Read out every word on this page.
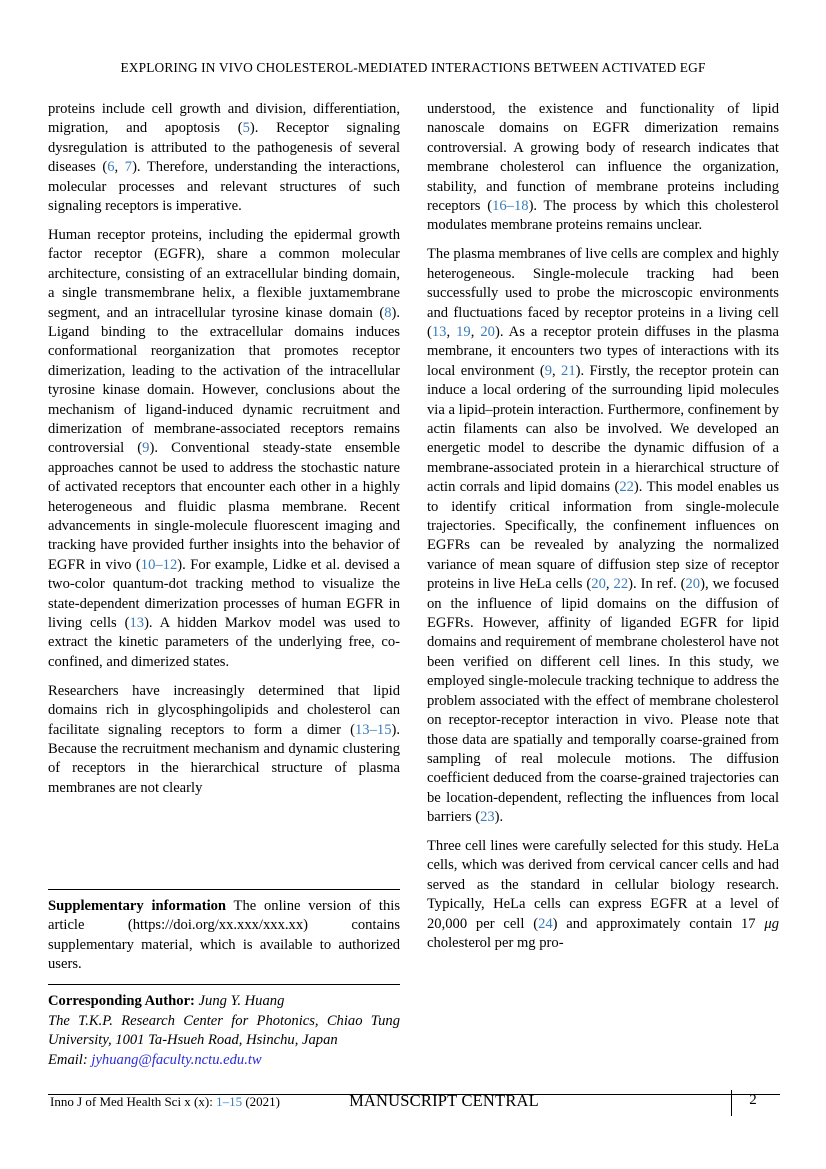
EXPLORING IN VIVO CHOLESTEROL-MEDIATED INTERACTIONS BETWEEN ACTIVATED EGF

proteins include cell growth and division, differentiation, migration, and apoptosis (5). Receptor signaling dysregulation is attributed to the pathogenesis of several diseases (6, 7). Therefore, understanding the interactions, molecular processes and relevant structures of such signaling receptors is imperative.

Human receptor proteins, including the epidermal growth factor receptor (EGFR), share a common molecular architecture, consisting of an extracellular binding domain, a single transmembrane helix, a flexible juxtamembrane segment, and an intracellular tyrosine kinase domain (8). Ligand binding to the extracellular domains induces conformational reorganization that promotes receptor dimerization, leading to the activation of the intracellular tyrosine kinase domain. However, conclusions about the mechanism of ligand-induced dynamic recruitment and dimerization of membrane-associated receptors remains controversial (9). Conventional steady-state ensemble approaches cannot be used to address the stochastic nature of activated receptors that encounter each other in a highly heterogeneous and fluidic plasma membrane. Recent advancements in single-molecule fluorescent imaging and tracking have provided further insights into the behavior of EGFR in vivo (10–12). For example, Lidke et al. devised a two-color quantum-dot tracking method to visualize the state-dependent dimerization processes of human EGFR in living cells (13). A hidden Markov model was used to extract the kinetic parameters of the underlying free, co-confined, and dimerized states.

Researchers have increasingly determined that lipid domains rich in glycosphingolipids and cholesterol can facilitate signaling receptors to form a dimer (13–15). Because the recruitment mechanism and dynamic clustering of receptors in the hierarchical structure of plasma membranes are not clearly

Supplementary information The online version of this article (https://doi.org/xx.xxx/xxx.xx) contains supplementary material, which is available to authorized users.

Corresponding Author: Jung Y. Huang

The T.K.P. Research Center for Photonics, Chiao Tung University, 1001 Ta-Hsueh Road, Hsinchu, Japan

Email: jyhuang@faculty.nctu.edu.tw

understood, the existence and functionality of lipid nanoscale domains on EGFR dimerization remains controversial. A growing body of research indicates that membrane cholesterol can influence the organization, stability, and function of membrane proteins including receptors (16–18). The process by which this cholesterol modulates membrane proteins remains unclear.

The plasma membranes of live cells are complex and highly heterogeneous. Single-molecule tracking had been successfully used to probe the microscopic environments and fluctuations faced by receptor proteins in a living cell (13, 19, 20). As a receptor protein diffuses in the plasma membrane, it encounters two types of interactions with its local environment (9, 21). Firstly, the receptor protein can induce a local ordering of the surrounding lipid molecules via a lipid–protein interaction. Furthermore, confinement by actin filaments can also be involved. We developed an energetic model to describe the dynamic diffusion of a membrane-associated protein in a hierarchical structure of actin corrals and lipid domains (22). This model enables us to identify critical information from single-molecule trajectories. Specifically, the confinement influences on EGFRs can be revealed by analyzing the normalized variance of mean square of diffusion step size of receptor proteins in live HeLa cells (20, 22). In ref. (20), we focused on the influence of lipid domains on the diffusion of EGFRs. However, affinity of liganded EGFR for lipid domains and requirement of membrane cholesterol have not been verified on different cell lines. In this study, we employed single-molecule tracking technique to address the problem associated with the effect of membrane cholesterol on receptor-receptor interaction in vivo. Please note that those data are spatially and temporally coarse-grained from sampling of real molecule motions. The diffusion coefficient deduced from the coarse-grained trajectories can be location-dependent, reflecting the influences from local barriers (23).

Three cell lines were carefully selected for this study. HeLa cells, which was derived from cervical cancer cells and had served as the standard in cellular biology research. Typically, HeLa cells can express EGFR at a level of 20,000 per cell (24) and approximately contain 17 μg cholesterol per mg pro-

Inno J of Med Health Sci x (x): 1–15 (2021)	MANUSCRIPT CENTRAL	2
